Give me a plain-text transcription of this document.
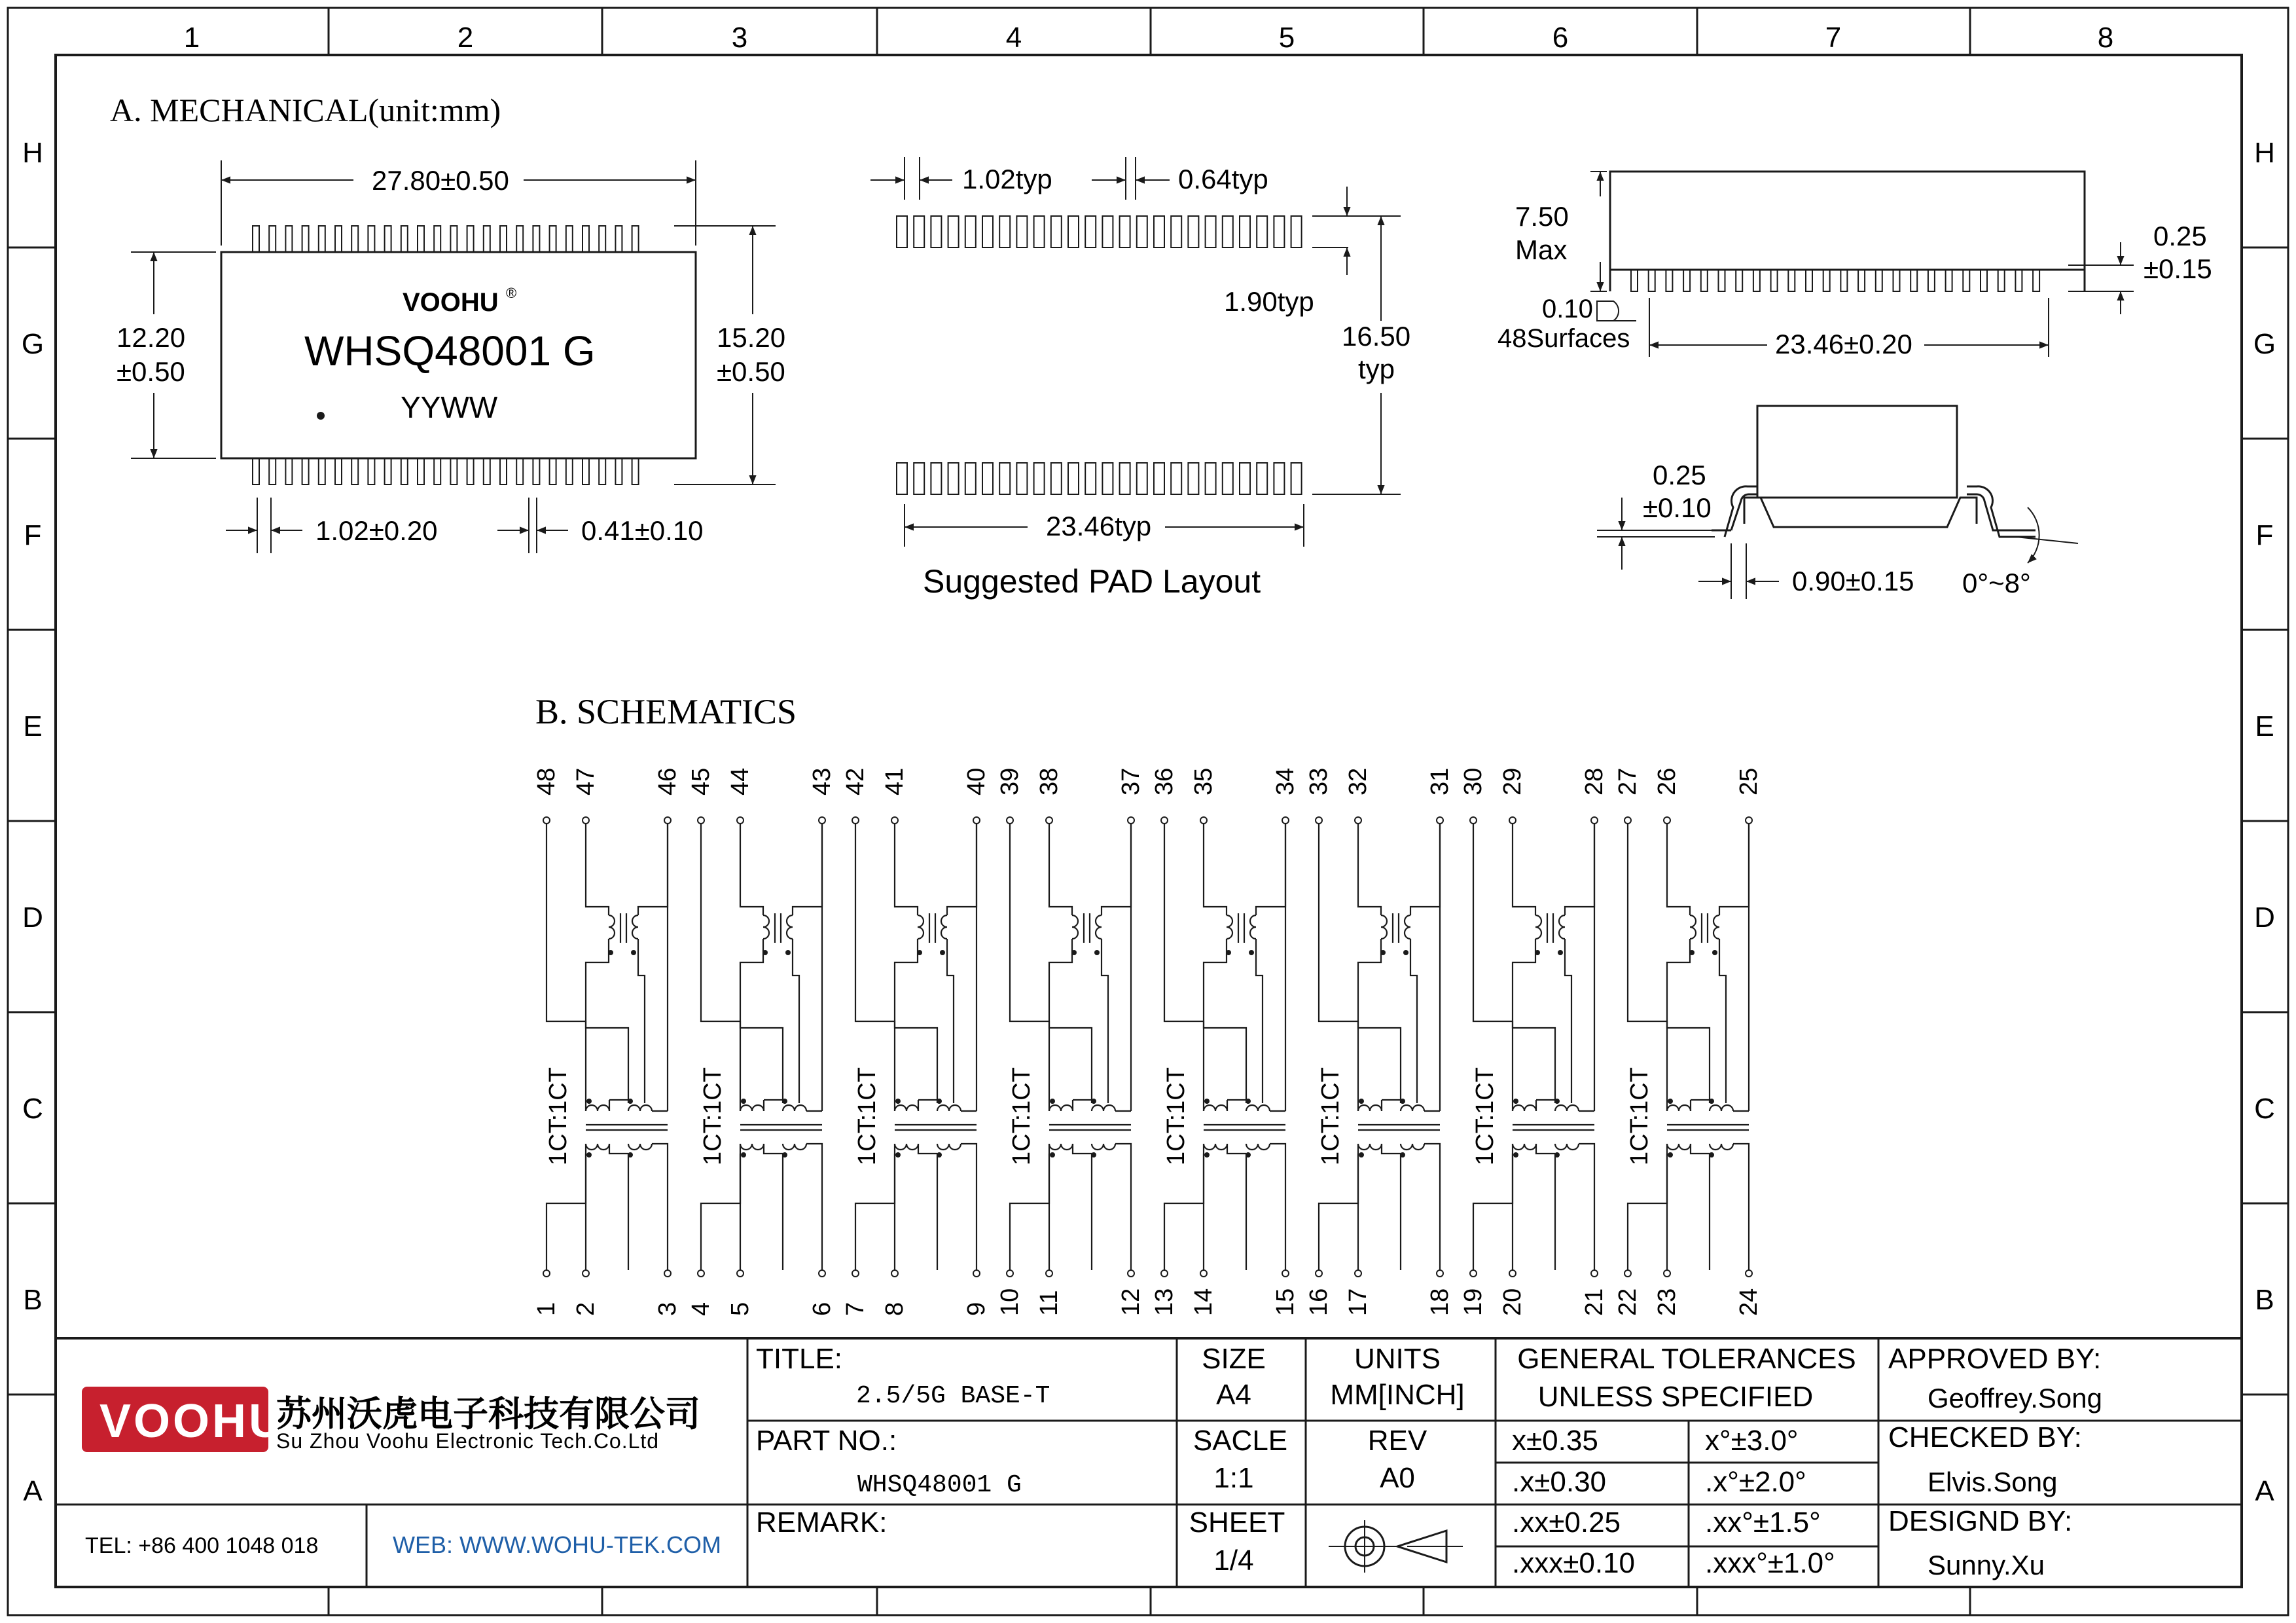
1	2	3	4	5	6	7	8
H	H
G	G
F	F
E	E
D	D
C	C
B	B
A	A
A. MECHANICAL(unit:mm)
VOOHU ®
WHSQ48001 G
YYWW
27.80±0.50
12.20
±0.50
15.20
±0.50
1.02±0.20	0.41±0.10
1.02typ	0.64typ
1.90typ
16.50
typ
23.46typ
Suggested PAD Layout
7.50
Max	0.25
±0.15
0.10
48Surfaces	23.46±0.20
0.25
±0.10
0.90±0.15 0°~8°
B. SCHEMATICS
48
1
47
2
46
3
1CT:1CT
45
4
44
5
43
6
1CT:1CT
42
7
41
8
40
9
1CT:1CT
39
10
38
11
37
12
1CT:1CT
36
13
35
14
34
15
1CT:1CT
33
16
32
17
31
18
1CT:1CT
30
19
29
20
28
21
1CT:1CT
27
22
26
23
25
24
1CT:1CT
VOOHU
苏州沃虎电子科技有限公司
Su Zhou Voohu Electronic Tech.Co.Ltd
TEL: +86 400 1048 018	WEB: WWW.WOHU-TEK.COM
TITLE:
2.5/5G BASE-T
PART NO.:
WHSQ48001 G
REMARK:
SIZE
A4
UNITS
MM[INCH]
SACLE
1:1
REV
A0
SHEET
1/4
GENERAL TOLERANCES
UNLESS SPECIFIED
x±0.35	x°±3.0°
.x±0.30	.x°±2.0°
.xx±0.25	.xx°±1.5°
.xxx±0.10 .xxx°±1.0°
APPROVED BY:
Geoffrey.Song
CHECKED BY:
Elvis.Song
DESIGND BY:
Sunny.Xu
